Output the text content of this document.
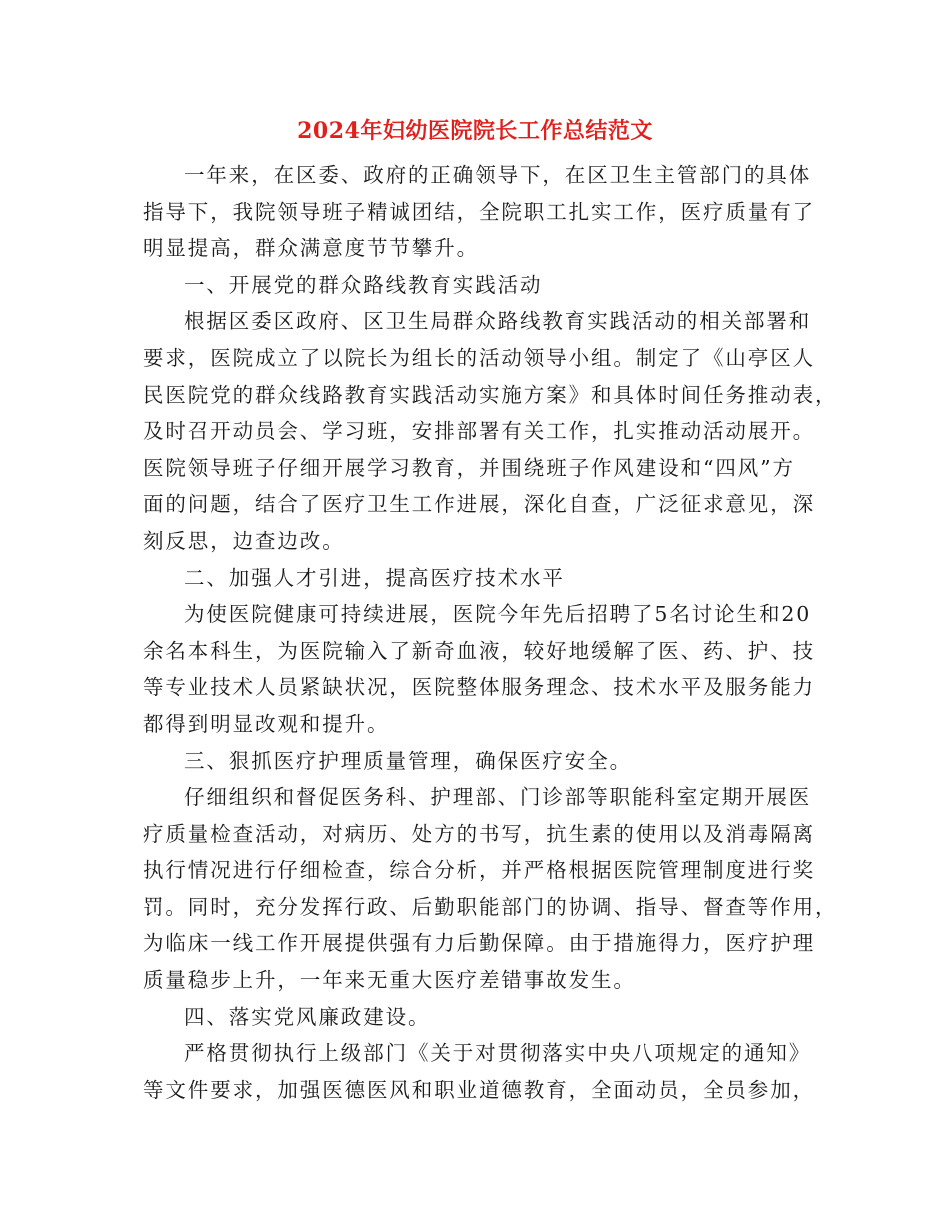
2024年妇幼医院院长工作总结范文
一年来，在区委、政府的正确领导下，在区卫生主管部门的具体
指导下，我院领导班子精诚团结，全院职工扎实工作，医疗质量有了
明显提高，群众满意度节节攀升。
一、开展党的群众路线教育实践活动
根据区委区政府、区卫生局群众路线教育实践活动的相关部署和
要求，医院成立了以院长为组长的活动领导小组。制定了《山亭区人
民医院党的群众线路教育实践活动实施方案》和具体时间任务推动表，
及时召开动员会、学习班，安排部署有关工作，扎实推动活动展开。
医院领导班子仔细开展学习教育，并围绕班子作风建设和“四风”方
面的问题，结合了医疗卫生工作进展，深化自查，广泛征求意见，深
刻反思，边查边改。
二、加强人才引进，提高医疗技术水平
为使医院健康可持续进展，医院今年先后招聘了5名讨论生和20
余名本科生，为医院输入了新奇血液，较好地缓解了医、药、护、技
等专业技术人员紧缺状况，医院整体服务理念、技术水平及服务能力
都得到明显改观和提升。
三、狠抓医疗护理质量管理，确保医疗安全。
仔细组织和督促医务科、护理部、门诊部等职能科室定期开展医
疗质量检查活动，对病历、处方的书写，抗生素的使用以及消毒隔离
执行情况进行仔细检查，综合分析，并严格根据医院管理制度进行奖
罚。同时，充分发挥行政、后勤职能部门的协调、指导、督查等作用，
为临床一线工作开展提供强有力后勤保障。由于措施得力，医疗护理
质量稳步上升，一年来无重大医疗差错事故发生。
四、落实党风廉政建设。
严格贯彻执行上级部门《关于对贯彻落实中央八项规定的通知》
等文件要求，加强医德医风和职业道德教育，全面动员，全员参加，
